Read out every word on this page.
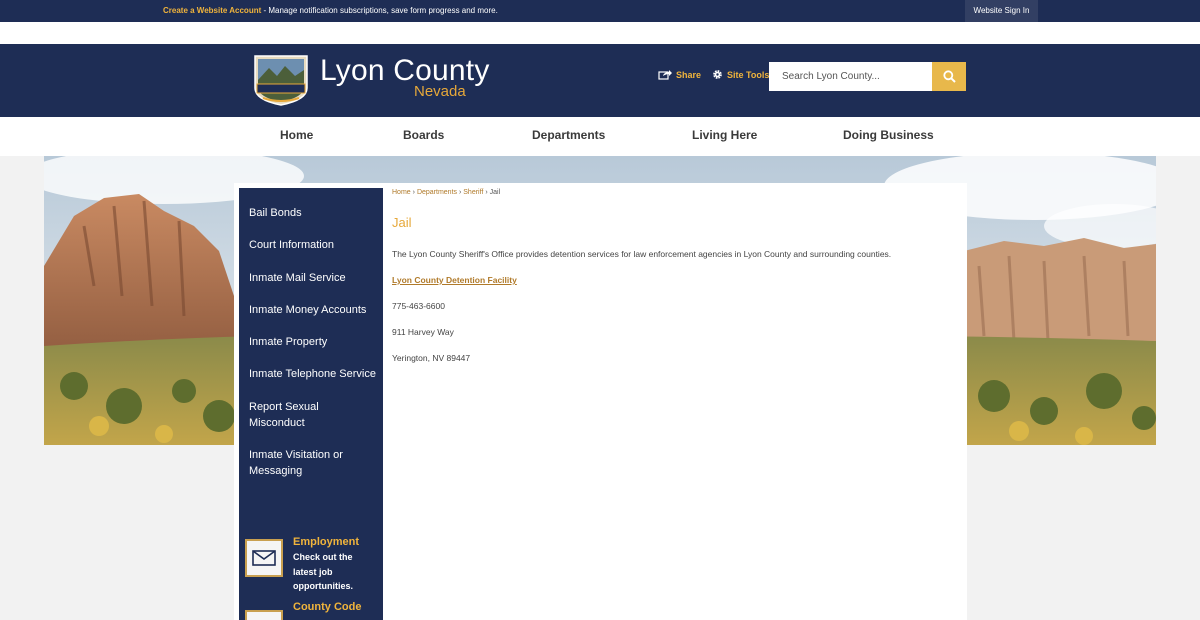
Create a Website Account - Manage notification subscriptions, save form progress and more.	Website Sign In
Lyon County
Nevada
Share	Site Tools
Search Lyon County...
Home	Boards	Departments	Living Here	Doing Business
Bail Bonds
Court Information
Inmate Mail Service
Inmate Money Accounts
Inmate Property
Inmate Telephone Service
Report Sexual Misconduct
Inmate Visitation or Messaging
Employment
Check out the latest job opportunities.
County Code
Home › Departments › Sheriff › Jail
Jail
The Lyon County Sheriff's Office provides detention services for law enforcement agencies in Lyon County and surrounding counties.
Lyon County Detention Facility
775-463-6600
911 Harvey Way
Yerington, NV 89447
